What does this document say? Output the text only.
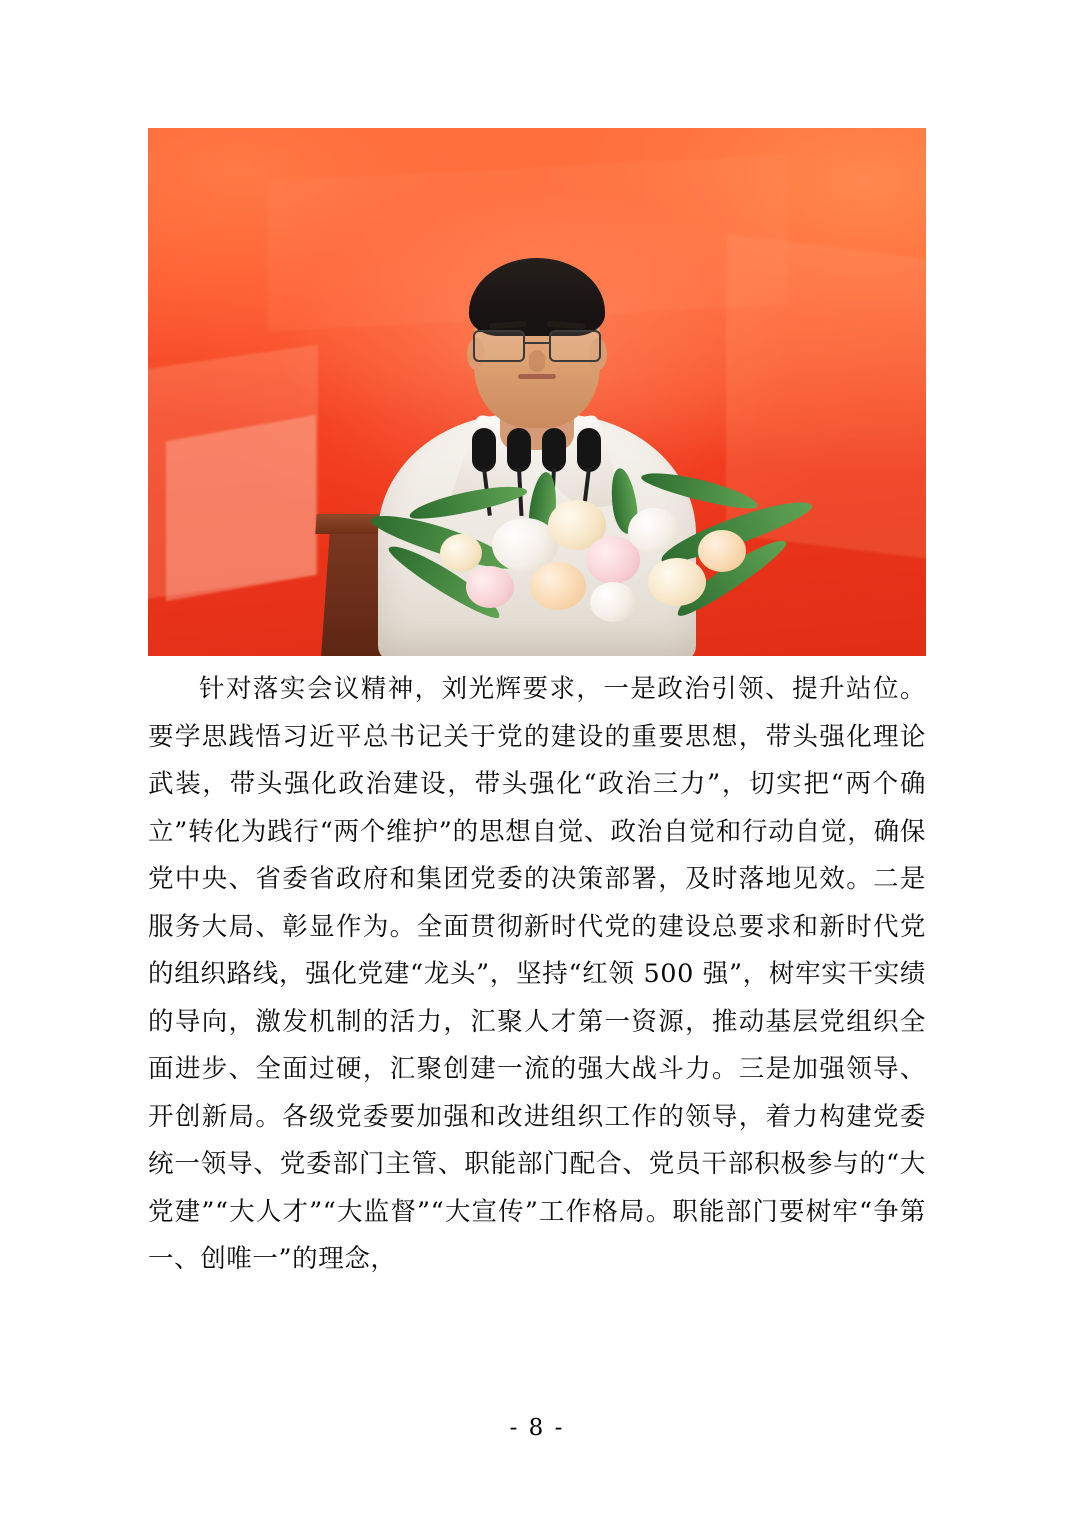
针对落实会议精神，刘光辉要求，一是政治引领、提升站位。要学思践悟习近平总书记关于党的建设的重要思想，带头强化理论武装，带头强化政治建设，带头强化“政治三力”，切实把“两个确立”转化为践行“两个维护”的思想自觉、政治自觉和行动自觉，确保党中央、省委省政府和集团党委的决策部署，及时落地见效。二是服务大局、彰显作为。全面贯彻新时代党的建设总要求和新时代党的组织路线，强化党建“龙头”，坚持“红领 500 强”，树牢实干实绩的导向，激发机制的活力，汇聚人才第一资源，推动基层党组织全面进步、全面过硬，汇聚创建一流的强大战斗力。三是加强领导、开创新局。各级党委要加强和改进组织工作的领导，着力构建党委统一领导、党委部门主管、职能部门配合、党员干部积极参与的“大党建”“大人才”“大监督”“大宣传”工作格局。职能部门要树牢“争第一、创唯一”的理念，

- 8 -
